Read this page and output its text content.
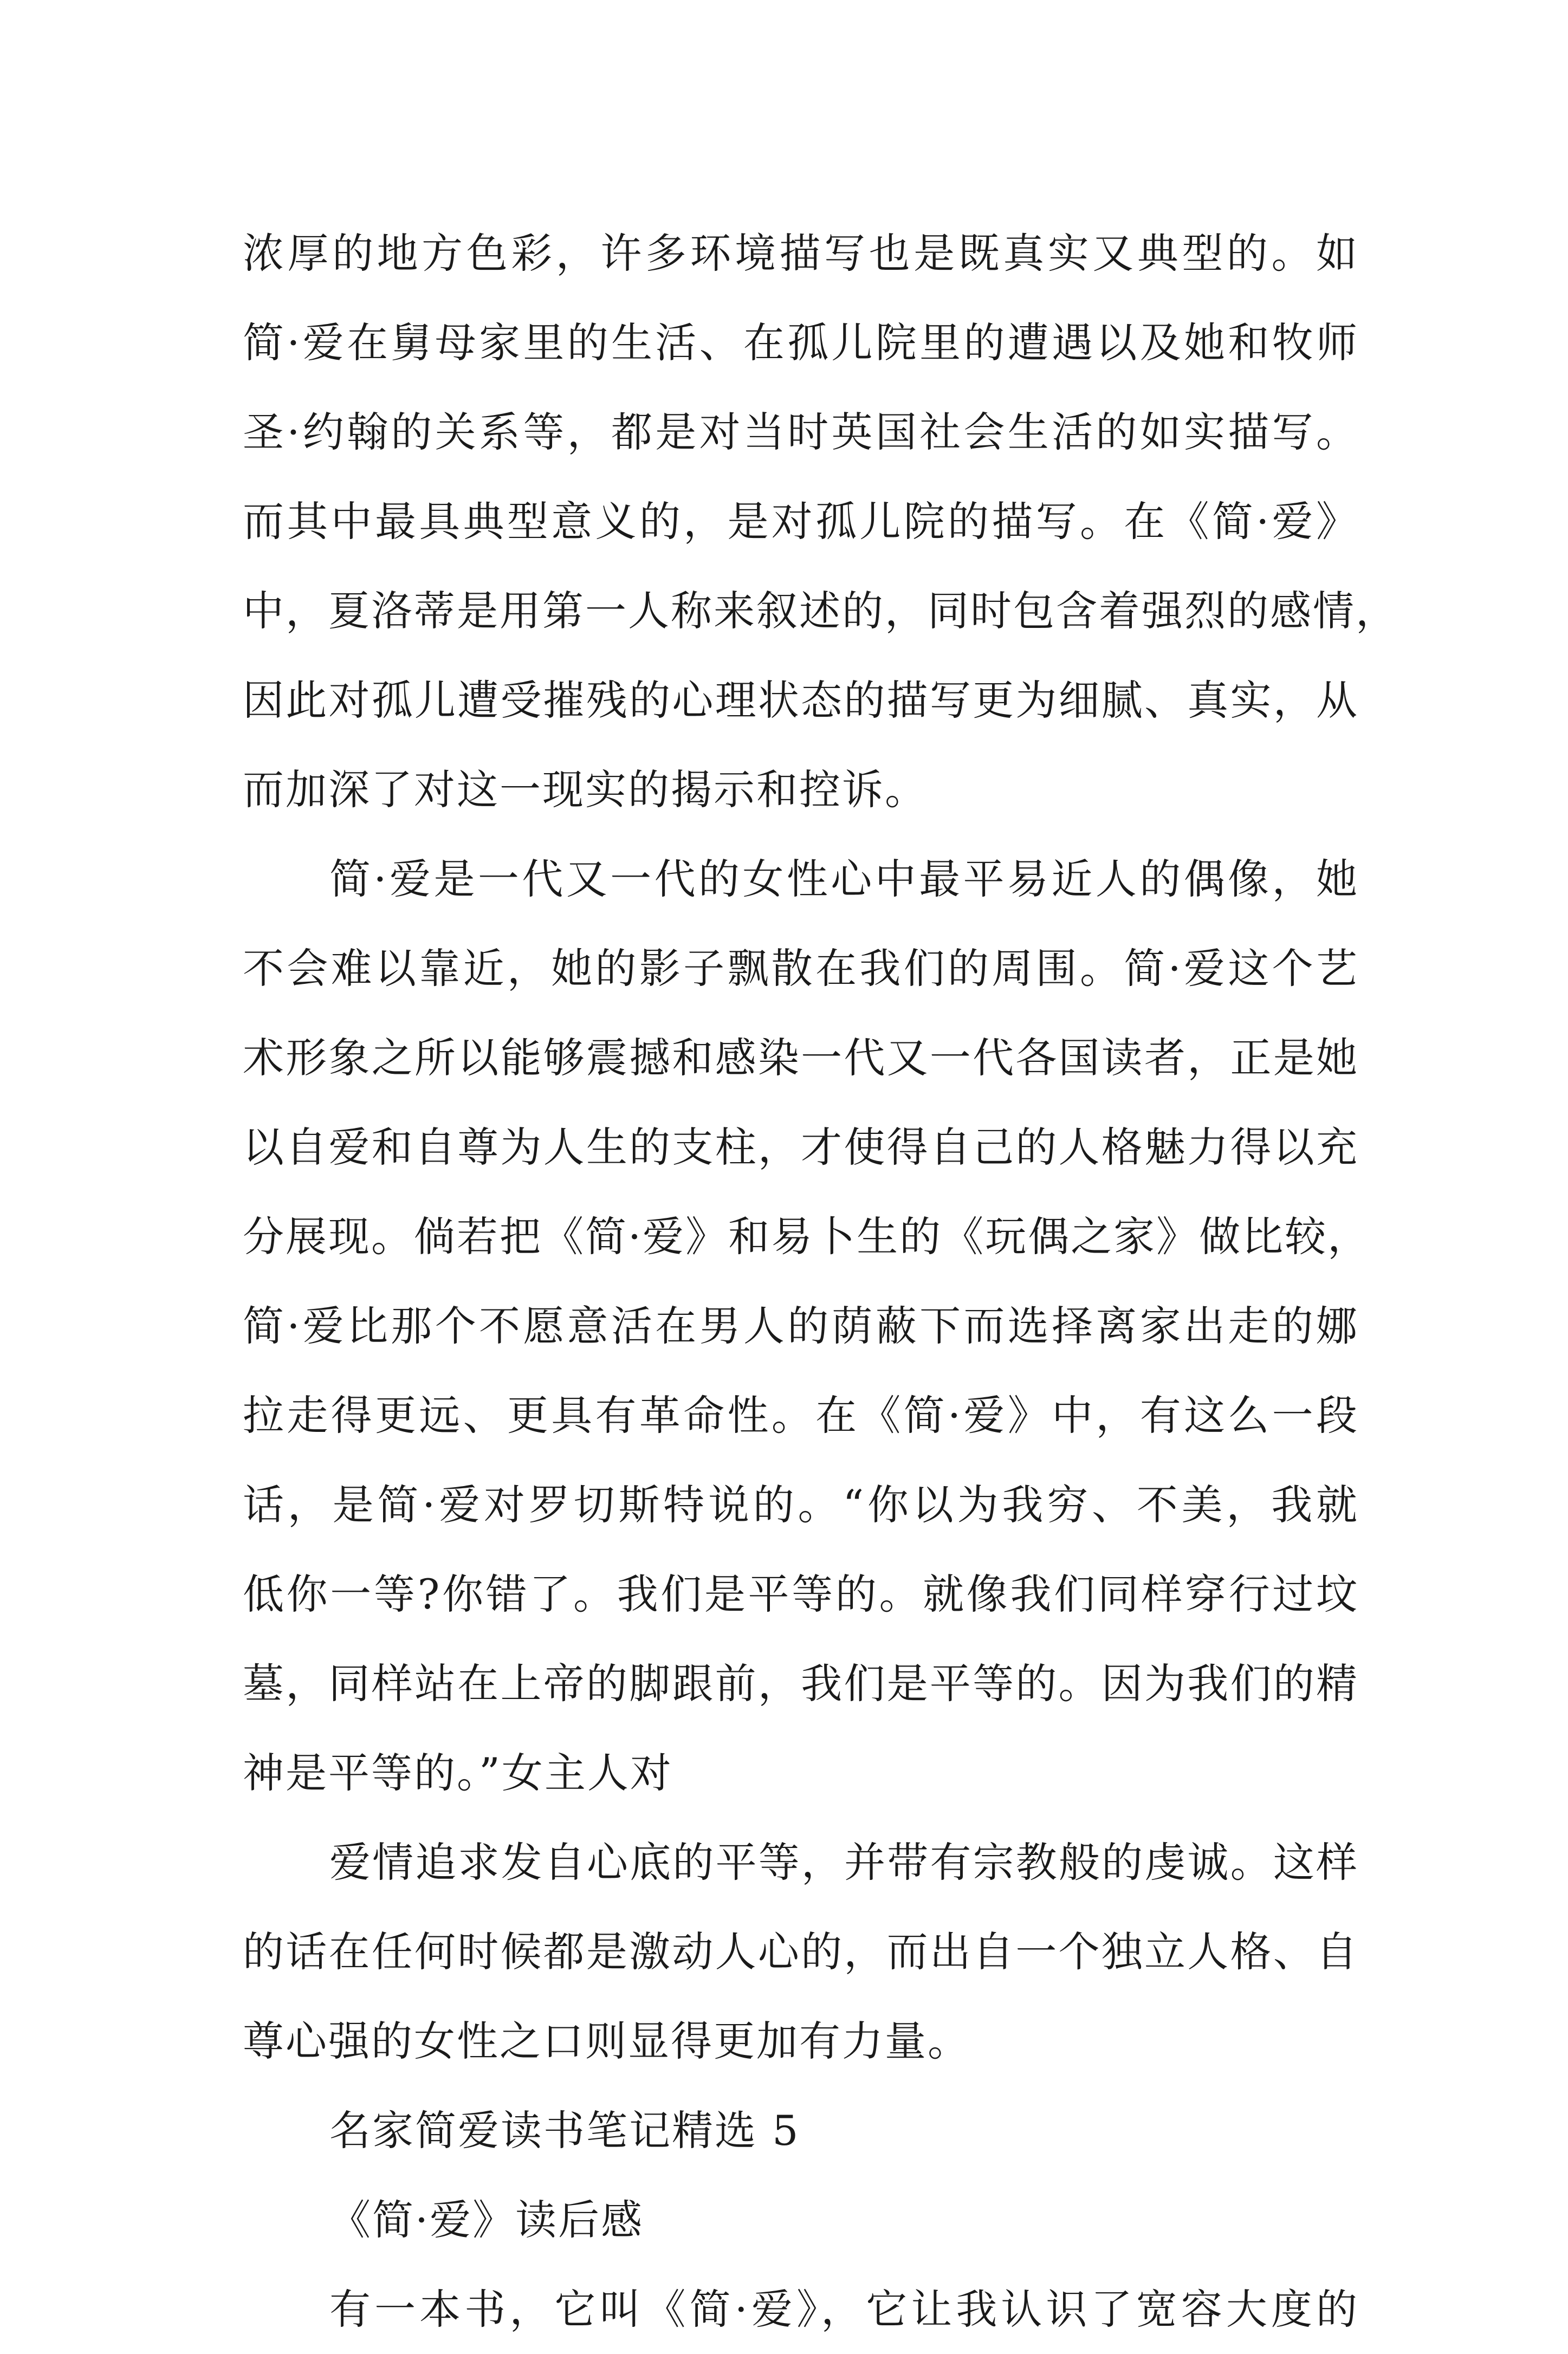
浓厚的地方色彩，许多环境描写也是既真实又典型的。如
简·爱在舅母家里的生活、在孤儿院里的遭遇以及她和牧师
圣·约翰的关系等，都是对当时英国社会生活的如实描写。
而其中最具典型意义的，是对孤儿院的描写。在《简·爱》
中，夏洛蒂是用第一人称来叙述的，同时包含着强烈的感情，
因此对孤儿遭受摧残的心理状态的描写更为细腻、真实，从
而加深了对这一现实的揭示和控诉。
简·爱是一代又一代的女性心中最平易近人的偶像，她
不会难以靠近，她的影子飘散在我们的周围。简·爱这个艺
术形象之所以能够震撼和感染一代又一代各国读者，正是她
以自爱和自尊为人生的支柱，才使得自己的人格魅力得以充
分展现。倘若把《简·爱》和易卜生的《玩偶之家》做比较，
简·爱比那个不愿意活在男人的荫蔽下而选择离家出走的娜
拉走得更远、更具有革命性。在《简·爱》中，有这么一段
话，是简·爱对罗切斯特说的。“你以为我穷、不美，我就
低你一等?你错了。我们是平等的。就像我们同样穿行过坟
墓，同样站在上帝的脚跟前，我们是平等的。因为我们的精
神是平等的。”女主人对
爱情追求发自心底的平等，并带有宗教般的虔诚。这样
的话在任何时候都是激动人心的，而出自一个独立人格、自
尊心强的女性之口则显得更加有力量。
名家简爱读书笔记精选 5
《简·爱》读后感
有一本书，它叫《简·爱》，它让我认识了宽容大度的
